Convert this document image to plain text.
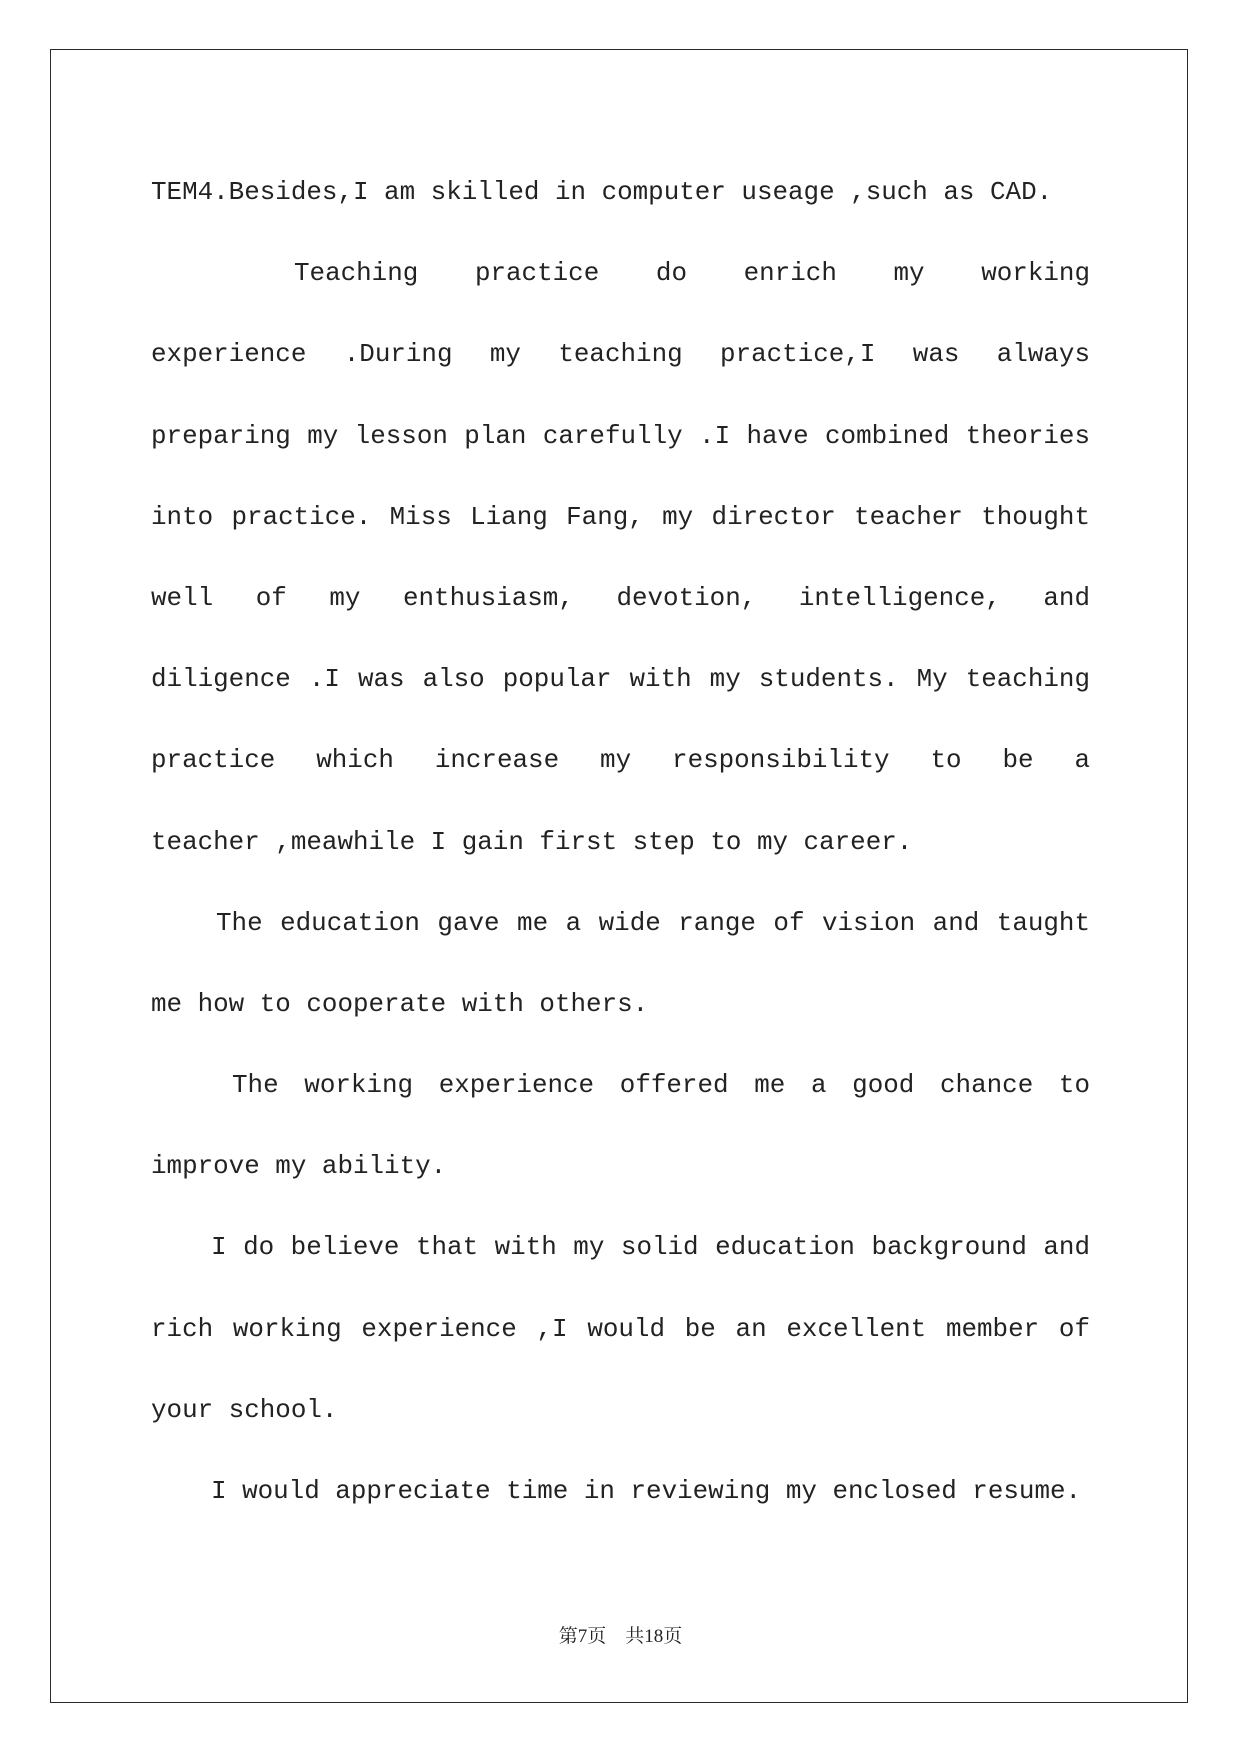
TEM4.Besides,I am skilled in computer useage ,such as CAD.
Teaching practice do enrich my working
experience .During my teaching practice,I was always
preparing my lesson plan carefully .I have combined theories
into practice. Miss Liang Fang, my director teacher thought
well of my enthusiasm, devotion, intelligence, and
diligence .I was also popular with my students. My teaching
practice which increase my responsibility to be a
teacher ,meawhile I gain first step to my career.
The education gave me a wide range of vision and taught
me how to cooperate with others.
The working experience offered me a good chance to
improve my ability.
I do believe that with my solid education background and
rich working experience ,I would be an excellent member of
your school.
I would appreciate time in reviewing my enclosed resume.
第7页 共18页
